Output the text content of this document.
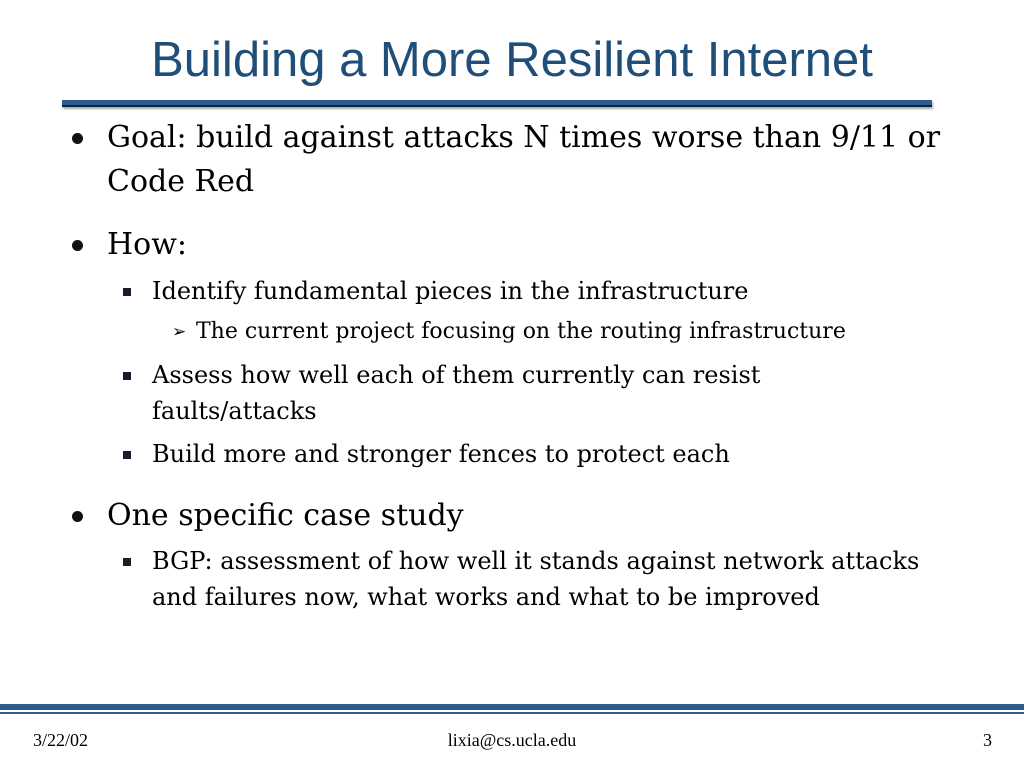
Building a More Resilient Internet
Goal: build against attacks N times worse than 9/11 or
Code Red
How:
Identify fundamental pieces in the infrastructure
➢ The current project focusing on the routing infrastructure
Assess how well each of them currently can resist
faults/attacks
Build more and stronger fences to protect each
One specific case study
BGP: assessment of how well it stands against network attacks
and failures now, what works and what to be improved
3/22/02	lixia@cs.ucla.edu	3
